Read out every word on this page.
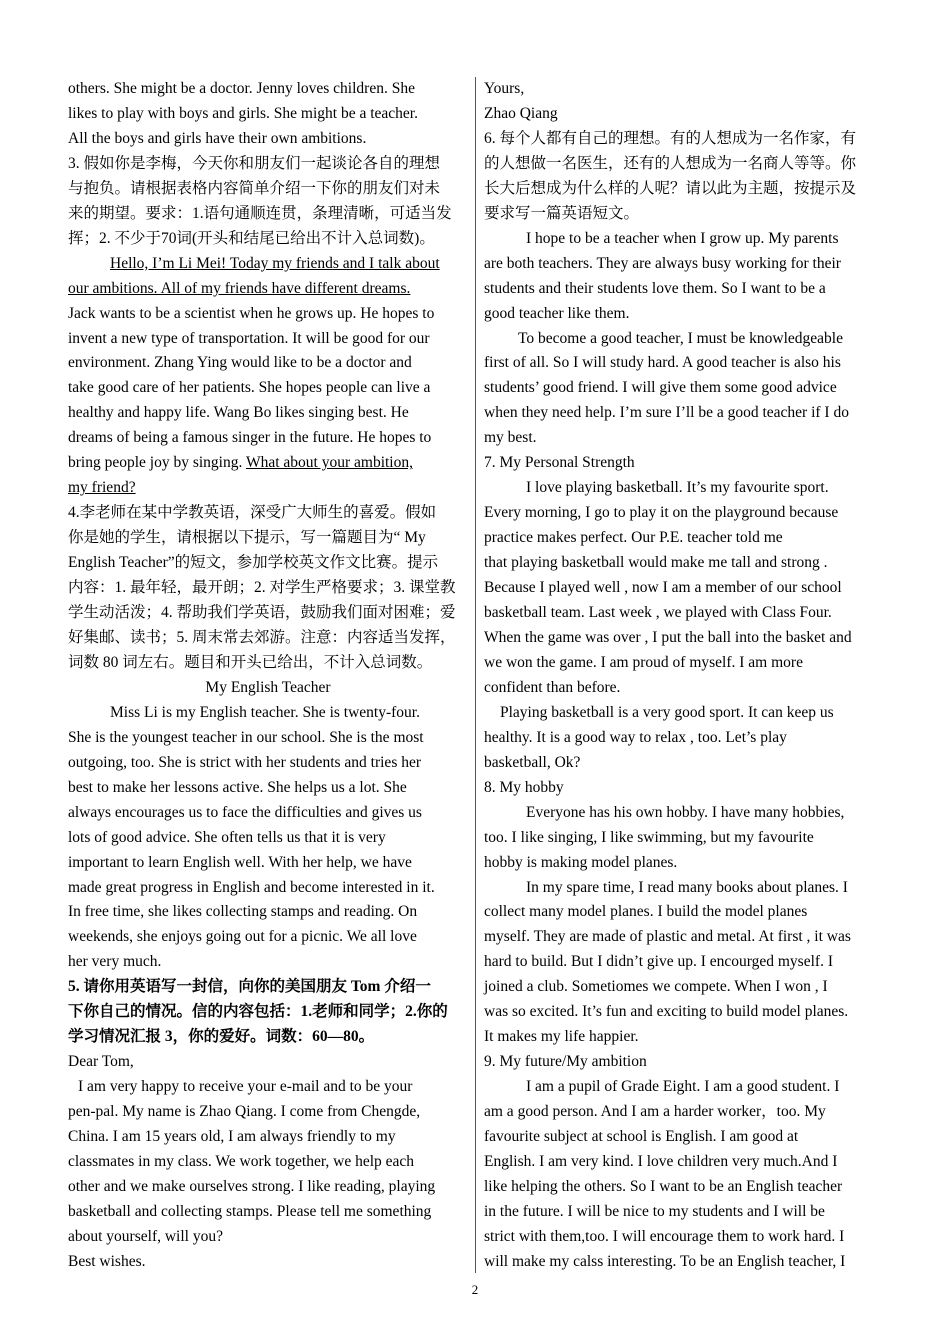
others. She might be a doctor. Jenny loves children. She
likes to play with boys and girls. She might be a teacher.
All the boys and girls have their own ambitions.
3. 假如你是李梅，今天你和朋友们一起谈论各自的理想
与抱负。请根据表格内容简单介绍一下你的朋友们对未
来的期望。要求：1.语句通顺连贯，条理清晰，可适当发
挥；2. 不少于70词(开头和结尾已给出不计入总词数)。
Hello, I’m Li Mei! Today my friends and I talk about
our ambitions. All of my friends have different dreams.
Jack wants to be a scientist when he grows up. He hopes to
invent a new type of transportation. It will be good for our
environment. Zhang Ying would like to be a doctor and
take good care of her patients. She hopes people can live a
healthy and happy life. Wang Bo likes singing best. He
dreams of being a famous singer in the future. He hopes to
bring people joy by singing. What about your ambition,
my friend?
4.李老师在某中学教英语，深受广大师生的喜爱。假如
你是她的学生，请根据以下提示，写一篇题目为“ My
English Teacher”的短文，参加学校英文作文比赛。提示
内容：1. 最年轻，最开朗；2. 对学生严格要求；3. 课堂教
学生动活泼；4. 帮助我们学英语，鼓励我们面对困难；爱
好集邮、读书；5. 周末常去郊游。注意：内容适当发挥，
词数 80 词左右。题目和开头已给出，不计入总词数。
My English Teacher
Miss Li is my English teacher. She is twenty-four.
She is the youngest teacher in our school. She is the most
outgoing, too. She is strict with her students and tries her
best to make her lessons active. She helps us a lot. She
always encourages us to face the difficulties and gives us
lots of good advice. She often tells us that it is very
important to learn English well. With her help, we have
made great progress in English and become interested in it.
In free time, she likes collecting stamps and reading. On
weekends, she enjoys going out for a picnic. We all love
her very much.
5. 请你用英语写一封信，向你的美国朋友 Tom 介绍一
下你自己的情况。信的内容包括：1.老师和同学；2.你的
学习情况汇报 3，你的爱好。词数：60—80。
Dear Tom,
I am very happy to receive your e-mail and to be your
pen-pal. My name is Zhao Qiang. I come from Chengde,
China. I am 15 years old, I am always friendly to my
classmates in my class. We work together, we help each
other and we make ourselves strong. I like reading, playing
basketball and collecting stamps. Please tell me something
about yourself, will you?
Best wishes.
Yours,
Zhao Qiang
6. 每个人都有自己的理想。有的人想成为一名作家，有
的人想做一名医生，还有的人想成为一名商人等等。你
长大后想成为什么样的人呢？请以此为主题，按提示及
要求写一篇英语短文。
I hope to be a teacher when I grow up. My parents
are both teachers. They are always busy working for their
students and their students love them. So I want to be a
good teacher like them.
To become a good teacher, I must be knowledgeable
first of all. So I will study hard. A good teacher is also his
students’ good friend. I will give them some good advice
when they need help. I’m sure I’ll be a good teacher if I do
my best.
7. My Personal Strength
I love playing basketball. It’s my favourite sport.
Every morning, I go to play it on the playground because
practice makes perfect. Our P.E. teacher told me
that playing basketball would make me tall and strong .
Because I played well , now I am a member of our school
basketball team. Last week , we played with Class Four.
When the game was over , I put the ball into the basket and
we won the game. I am proud of myself. I am more
confident than before.
Playing basketball is a very good sport. It can keep us
healthy. It is a good way to relax , too. Let’s play
basketball, Ok?
8. My hobby
Everyone has his own hobby. I have many hobbies,
too. I like singing, I like swimming, but my favourite
hobby is making model planes.
In my spare time, I read many books about planes. I
collect many model planes. I build the model planes
myself. They are made of plastic and metal. At first , it was
hard to build. But I didn’t give up. I encourged myself. I
joined a club. Sometiomes we compete. When I won , I
was so excited. It’s fun and exciting to build model planes.
It makes my life happier.
9. My future/My ambition
I am a pupil of Grade Eight. I am a good student. I
am a good person. And I am a harder worker，too. My
favourite subject at school is English. I am good at
English. I am very kind. I love children very much.And I
like helping the others. So I want to be an English teacher
in the future. I will be nice to my students and I will be
strict with them,too. I will encourage them to work hard. I
will make my calss interesting. To be an English teacher, I
2
